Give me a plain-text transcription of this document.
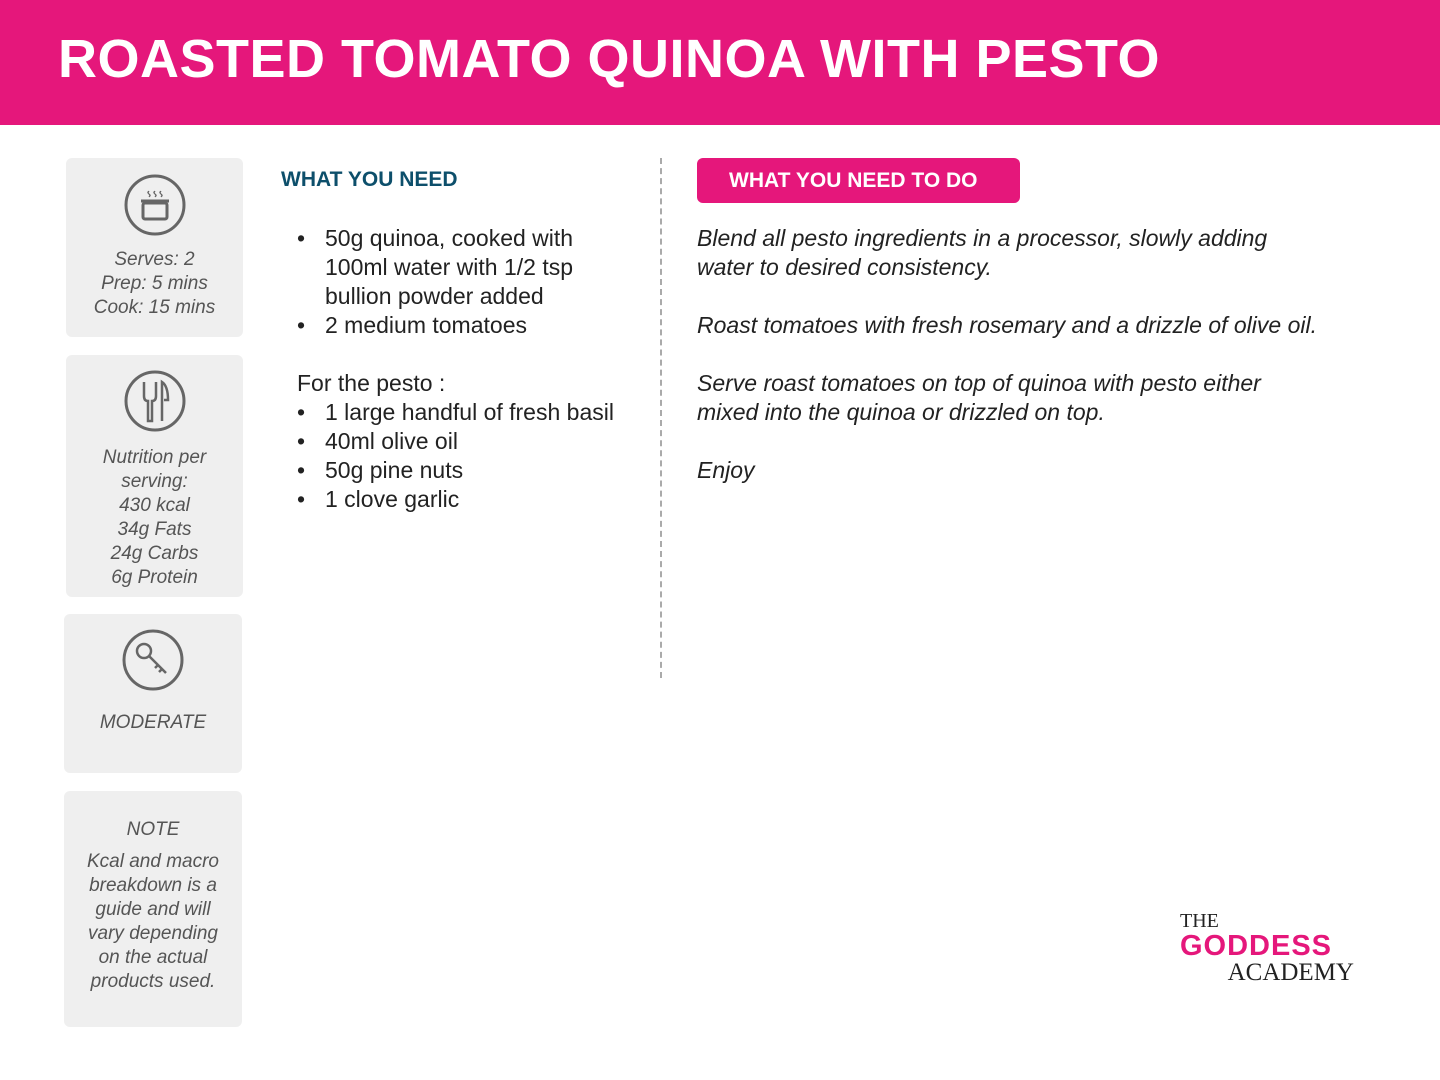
ROASTED TOMATO QUINOA WITH PESTO
Serves: 2
Prep: 5 mins
Cook: 15 mins
Nutrition per
serving:
430 kcal
34g Fats
24g Carbs
6g Protein
MODERATE
NOTE
Kcal and macro breakdown is a guide and will vary depending on the actual products used.
WHAT YOU NEED
• 50g quinoa, cooked with 100ml water with 1/2 tsp bullion powder added
• 2 medium tomatoes
For the pesto :
• 1 large handful of fresh basil
• 40ml olive oil
• 50g pine nuts
• 1 clove garlic
WHAT YOU NEED TO DO

Blend all pesto ingredients in a processor, slowly adding water to desired consistency.

Roast tomatoes with fresh rosemary and a drizzle of olive oil.

Serve roast tomatoes on top of quinoa with pesto either mixed into the quinoa or drizzled on top.

Enjoy

THE
GODDESS
ACADEMY
